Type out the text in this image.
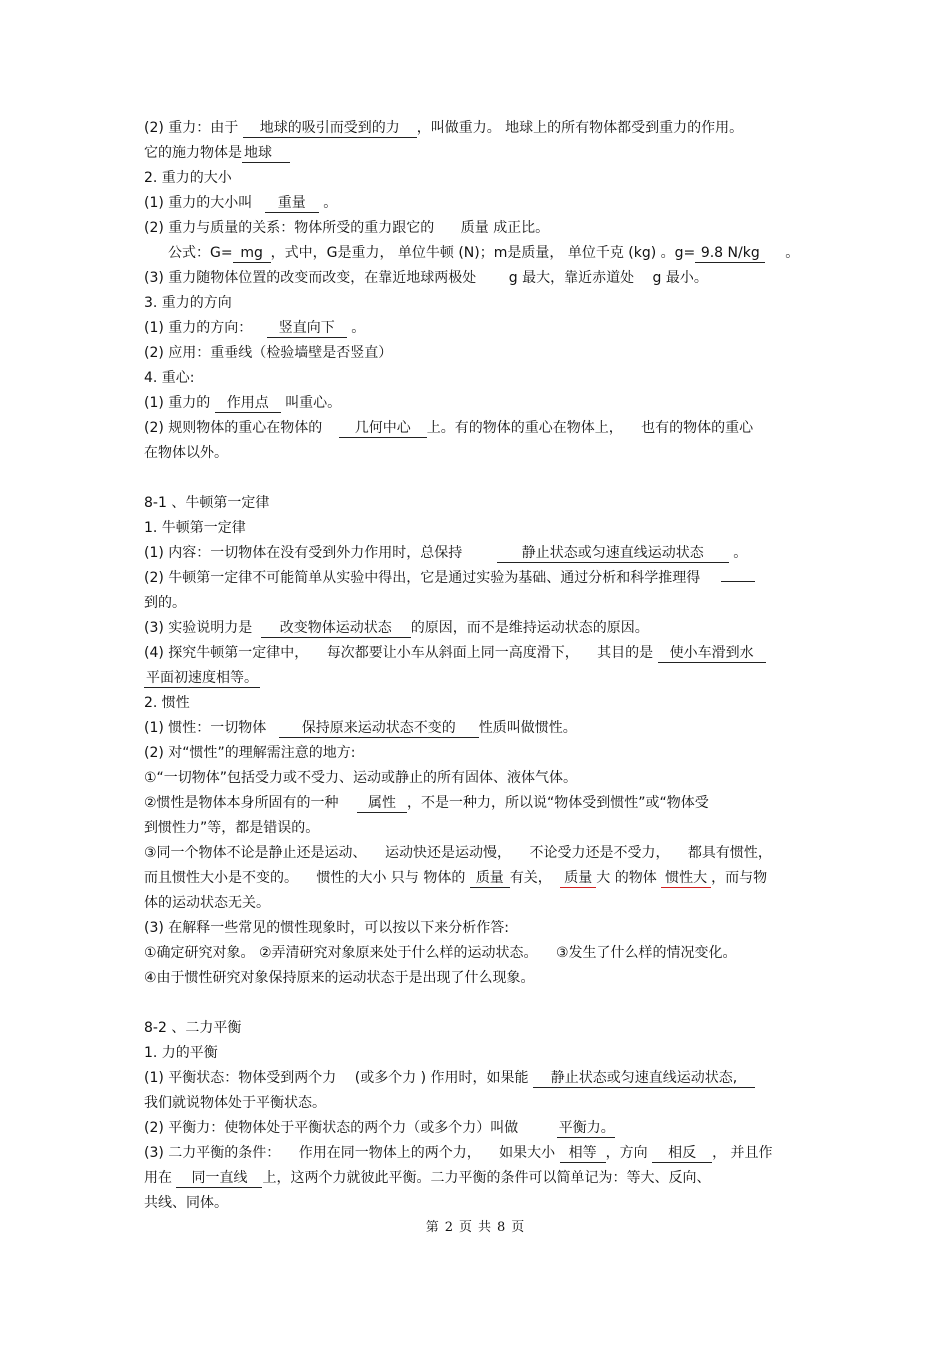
(2) 重力：由于 地球的吸引而受到的力 ，叫做重力。 地球上的所有物体都受到重力的作用。
它的施力物体是 地球
2. 重力的大小
(1) 重力的大小叫 重量 。
(2) 重力与质量的关系：物体所受的重力跟它的 质量 成正比。
公式：G= mg ，式中，G是重力， 单位牛顿 (N)；m是质量， 单位千克 (kg) 。g= 9.8 N/kg 。
(3) 重力随物体位置的改变而改变，在靠近地球两极处 　　g 最大，靠近赤道处 　g 最小。
3. 重力的方向
(1) 重力的方向： 竖直向下 。
(2) 应用：重垂线（检验墙壁是否竖直）
4. 重心:
(1) 重力的 作用点 叫重心。
(2) 规则物体的重心在物体的 几何中心 上。有的物体的重心在物体上， 　也有的物体的重心
在物体以外。
8-1 、牛顿第一定律
1. 牛顿第一定律
(1) 内容：一切物体在没有受到外力作用时，总保持	静止状态或匀速直线运动状态 。
(2) 牛顿第一定律不可能简单从实验中得出，它是通过实验为基础、通过分析和科学推理得
到的。
(3) 实验说明力是 改变物体运动状态 的原因，而不是维持运动状态的原因。
(4) 探究牛顿第一定律中， 　每次都要让小车从斜面上同一高度滑下， 　其目的是 使小车滑到水
平面初速度相等。
2. 惯性
(1) 惯性：一切物体	保持原来运动状态不变的 性质叫做惯性。
(2) 对“惯性”的理解需注意的地方:
①“一切物体”包括受力或不受力、运动或静止的所有固体、液体气体。
②惯性是物体本身所固有的一种 属性 ，不是一种力，所以说“物体受到惯性”或“物体受
到惯性力”等，都是错误的。
③同一个物体不论是静止还是运动、 　运动快还是运动慢， 　不论受力还是不受力， 　都具有惯性，
而且惯性大小是不变的。 　惯性的大小 只与 物体的 质量 有关， 质量 大 的物体 惯性大 ，而与物
体的运动状态无关。
(3) 在解释一些常见的惯性现象时，可以按以下来分析作答:
①确定研究对象。 ②弄清研究对象原来处于什么样的运动状态。 　③发生了什么样的情况变化。
④由于惯性研究对象保持原来的运动状态于是出现了什么现象。
8-2 、二力平衡
1. 力的平衡
(1) 平衡状态：物体受到两个力 　(或多个力 ) 作用时，如果能 静止状态或匀速直线运动状态,
我们就说物体处于平衡状态。
(2) 平衡力：使物体处于平衡状态的两个力（或多个力）叫做	平衡力。
(3) 二力平衡的条件： 　作用在同一物体上的两个力， 　如果大小 相等 ，方向 相反 ， 并且作
用在 同一直线 上，这两个力就彼此平衡。二力平衡的条件可以简单记为：等大、反向、
共线、同体。
第 2 页 共 8 页
